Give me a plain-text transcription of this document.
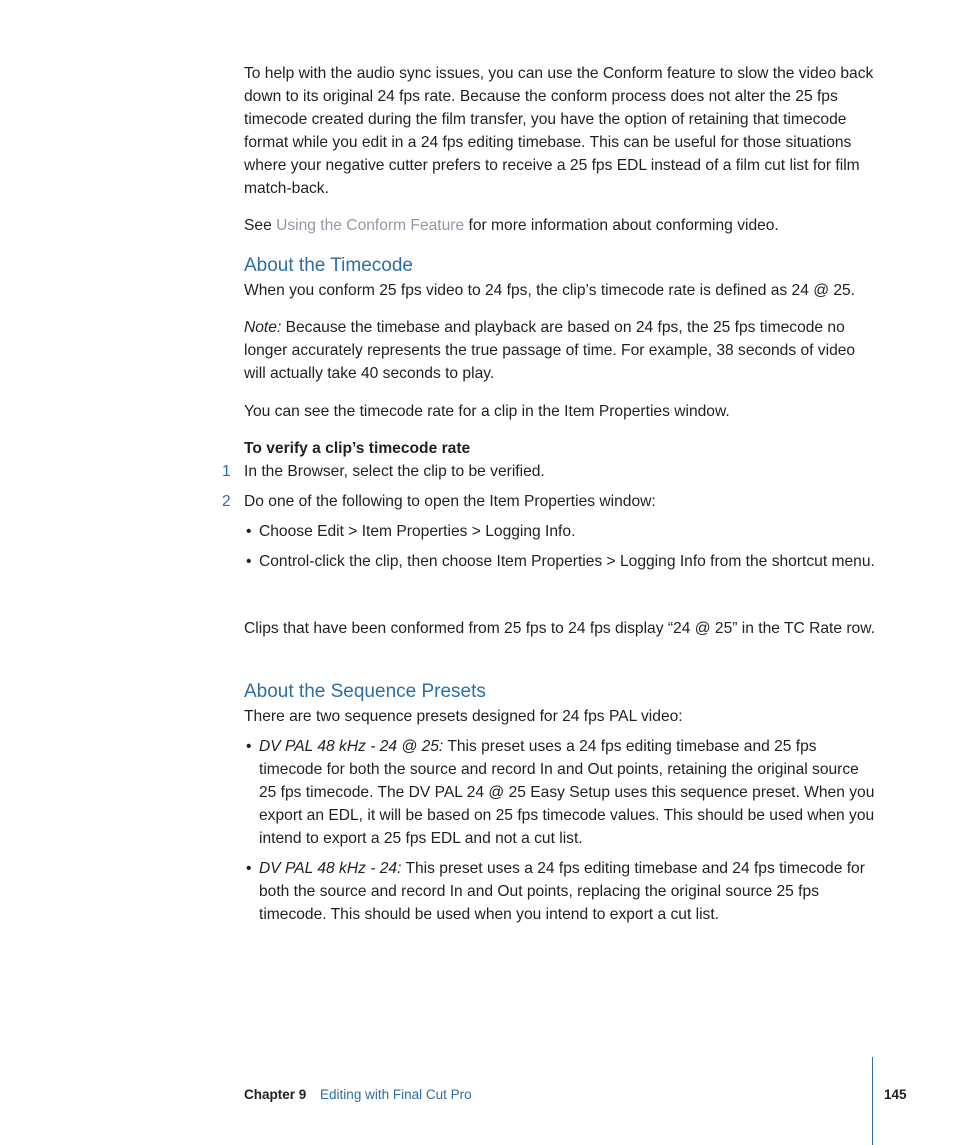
To help with the audio sync issues, you can use the Conform feature to slow the video back down to its original 24 fps rate. Because the conform process does not alter the 25 fps timecode created during the film transfer, you have the option of retaining that timecode format while you edit in a 24 fps editing timebase. This can be useful for those situations where your negative cutter prefers to receive a 25 fps EDL instead of a film cut list for film match-back.

See Using the Conform Feature for more information about conforming video.

About the Timecode

When you conform 25 fps video to 24 fps, the clip’s timecode rate is defined as 24 @ 25.

Note: Because the timebase and playback are based on 24 fps, the 25 fps timecode no longer accurately represents the true passage of time. For example, 38 seconds of video will actually take 40 seconds to play.

You can see the timecode rate for a clip in the Item Properties window.

To verify a clip’s timecode rate

1 In the Browser, select the clip to be verified.
2 Do one of the following to open the Item Properties window:
• Choose Edit > Item Properties > Logging Info.
• Control-click the clip, then choose Item Properties > Logging Info from the shortcut menu.

Clips that have been conformed from 25 fps to 24 fps display “24 @ 25” in the TC Rate row.

About the Sequence Presets

There are two sequence presets designed for 24 fps PAL video:

• DV PAL 48 kHz - 24 @ 25: This preset uses a 24 fps editing timebase and 25 fps timecode for both the source and record In and Out points, retaining the original source 25 fps timecode. The DV PAL 24 @ 25 Easy Setup uses this sequence preset. When you export an EDL, it will be based on 25 fps timecode values. This should be used when you intend to export a 25 fps EDL and not a cut list.
• DV PAL 48 kHz - 24: This preset uses a 24 fps editing timebase and 24 fps timecode for both the source and record In and Out points, replacing the original source 25 fps timecode. This should be used when you intend to export a cut list.
Chapter 9 Editing with Final Cut Pro	145
